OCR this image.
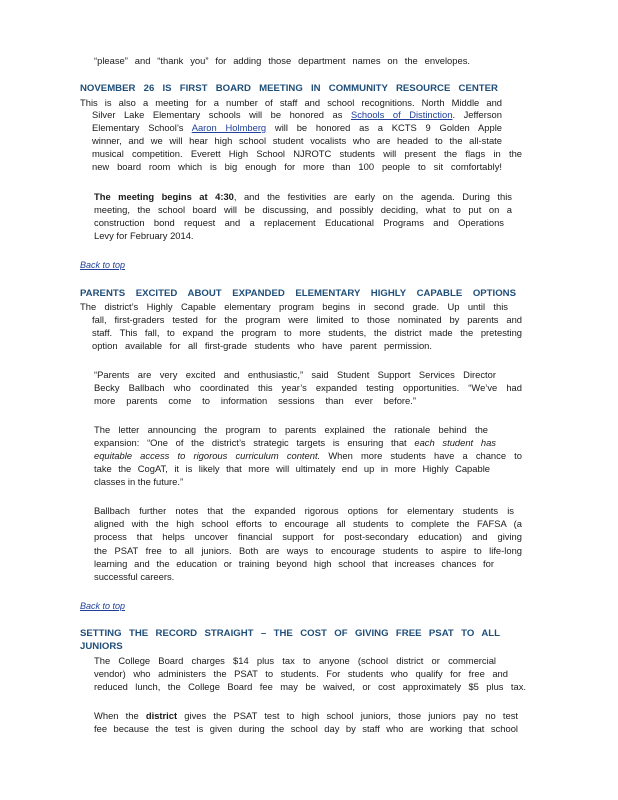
“please” and “thank you” for adding those department names on the envelopes.
NOVEMBER 26 IS FIRST BOARD MEETING IN COMMUNITY RESOURCE CENTER
This is also a meeting for a number of staff and school recognitions. North Middle and
Silver Lake Elementary schools will be honored as Schools of Distinction. Jefferson
Elementary School’s Aaron Holmberg will be honored as a KCTS 9 Golden Apple
winner, and we will hear high school student vocalists who are headed to the all-state
musical competition. Everett High School NJROTC students will present the flags in the
new board room which is big enough for more than 100 people to sit comfortably!
The meeting begins at 4:30, and the festivities are early on the agenda. During this
meeting, the school board will be discussing, and possibly deciding, what to put on a
construction bond request and a replacement Educational Programs and Operations
Levy for February 2014.
Back to top
PARENTS EXCITED ABOUT EXPANDED ELEMENTARY HIGHLY CAPABLE OPTIONS
The district’s Highly Capable elementary program begins in second grade. Up until this
fall, first-graders tested for the program were limited to those nominated by parents and
staff. This fall, to expand the program to more students, the district made the pretesting
option available for all first-grade students who have parent permission.
“Parents are very excited and enthusiastic,” said Student Support Services Director
Becky Ballbach who coordinated this year’s expanded testing opportunities. “We’ve had
more parents come to information sessions than ever before.”
The letter announcing the program to parents explained the rationale behind the
expansion: “One of the district’s strategic targets is ensuring that each student has
equitable access to rigorous curriculum content. When more students have a chance to
take the CogAT, it is likely that more will ultimately end up in more Highly Capable
classes in the future.”
Ballbach further notes that the expanded rigorous options for elementary students is
aligned with the high school efforts to encourage all students to complete the FAFSA (a
process that helps uncover financial support for post-secondary education) and giving
the PSAT free to all juniors. Both are ways to encourage students to aspire to life-long
learning and the education or training beyond high school that increases chances for
successful careers.
Back to top
SETTING THE RECORD STRAIGHT – THE COST OF GIVING FREE PSAT TO ALL
JUNIORS
The College Board charges $14 plus tax to anyone (school district or commercial
vendor) who administers the PSAT to students. For students who qualify for free and
reduced lunch, the College Board fee may be waived, or cost approximately $5 plus tax.
When the district gives the PSAT test to high school juniors, those juniors pay no test
fee because the test is given during the school day by staff who are working that school
